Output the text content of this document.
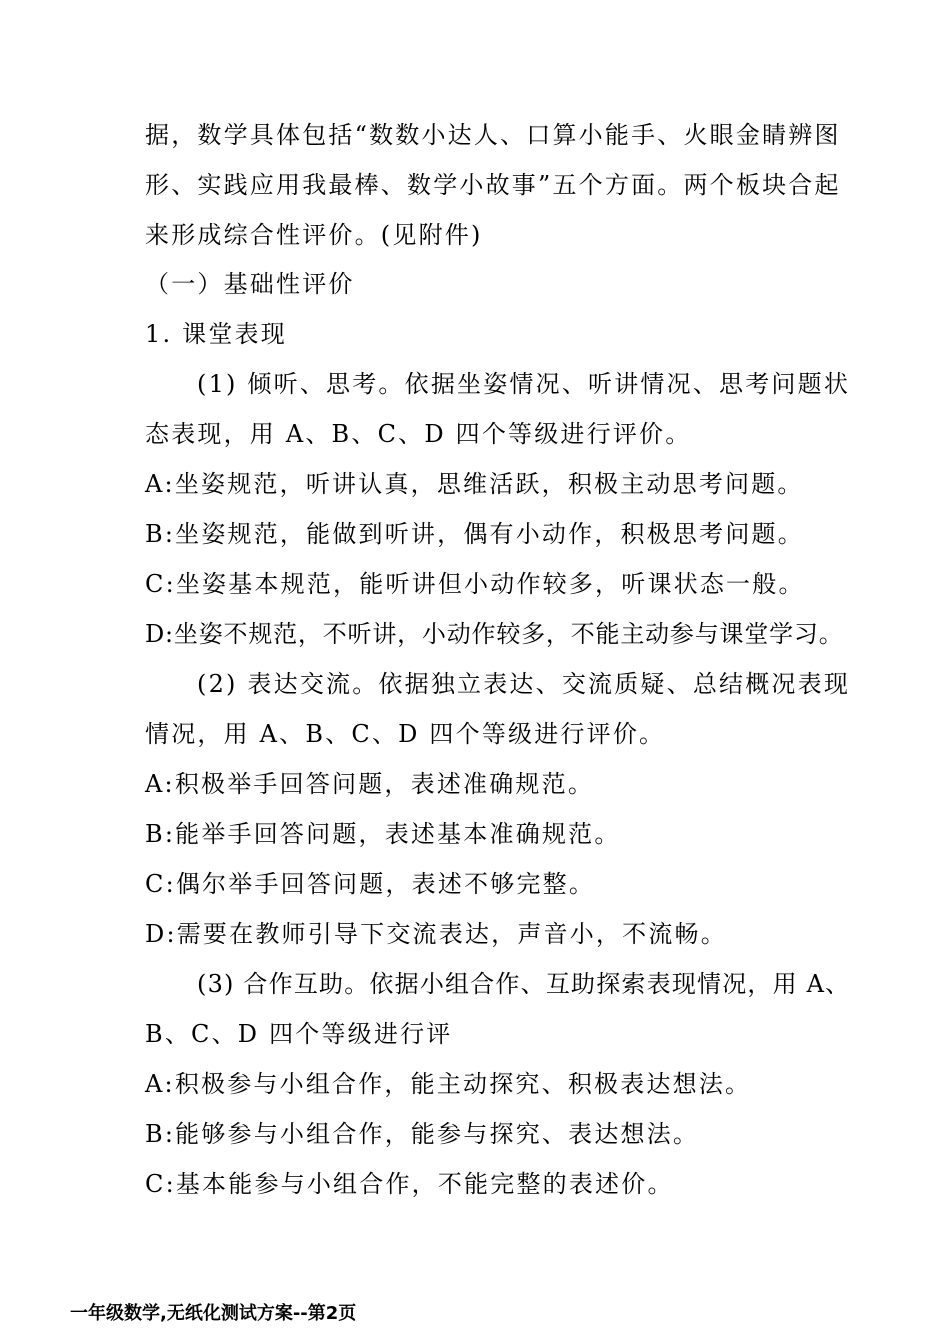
据，数学具体包括“数数小达人、口算小能手、火眼金睛辨图
形、实践应用我最棒、数学小故事”五个方面。两个板块合起
来形成综合性评价。(见附件)
（一）基础性评价
1. 课堂表现
(1) 倾听、思考。依据坐姿情况、听讲情况、思考问题状
态表现，用 A、B、C、D 四个等级进行评价。
A:坐姿规范，听讲认真，思维活跃，积极主动思考问题。
B:坐姿规范，能做到听讲，偶有小动作，积极思考问题。
C:坐姿基本规范，能听讲但小动作较多，听课状态一般。
D:坐姿不规范，不听讲，小动作较多，不能主动参与课堂学习。
(2) 表达交流。依据独立表达、交流质疑、总结概况表现
情况，用 A、B、C、D 四个等级进行评价。
A:积极举手回答问题，表述准确规范。
B:能举手回答问题，表述基本准确规范。
C:偶尔举手回答问题，表述不够完整。
D:需要在教师引导下交流表达，声音小，不流畅。
(3) 合作互助。依据小组合作、互助探索表现情况，用 A、
B、C、D 四个等级进行评
A:积极参与小组合作，能主动探究、积极表达想法。
B:能够参与小组合作，能参与探究、表达想法。
C:基本能参与小组合作，不能完整的表述价。
一年级数学,无纸化测试方案--第2页
